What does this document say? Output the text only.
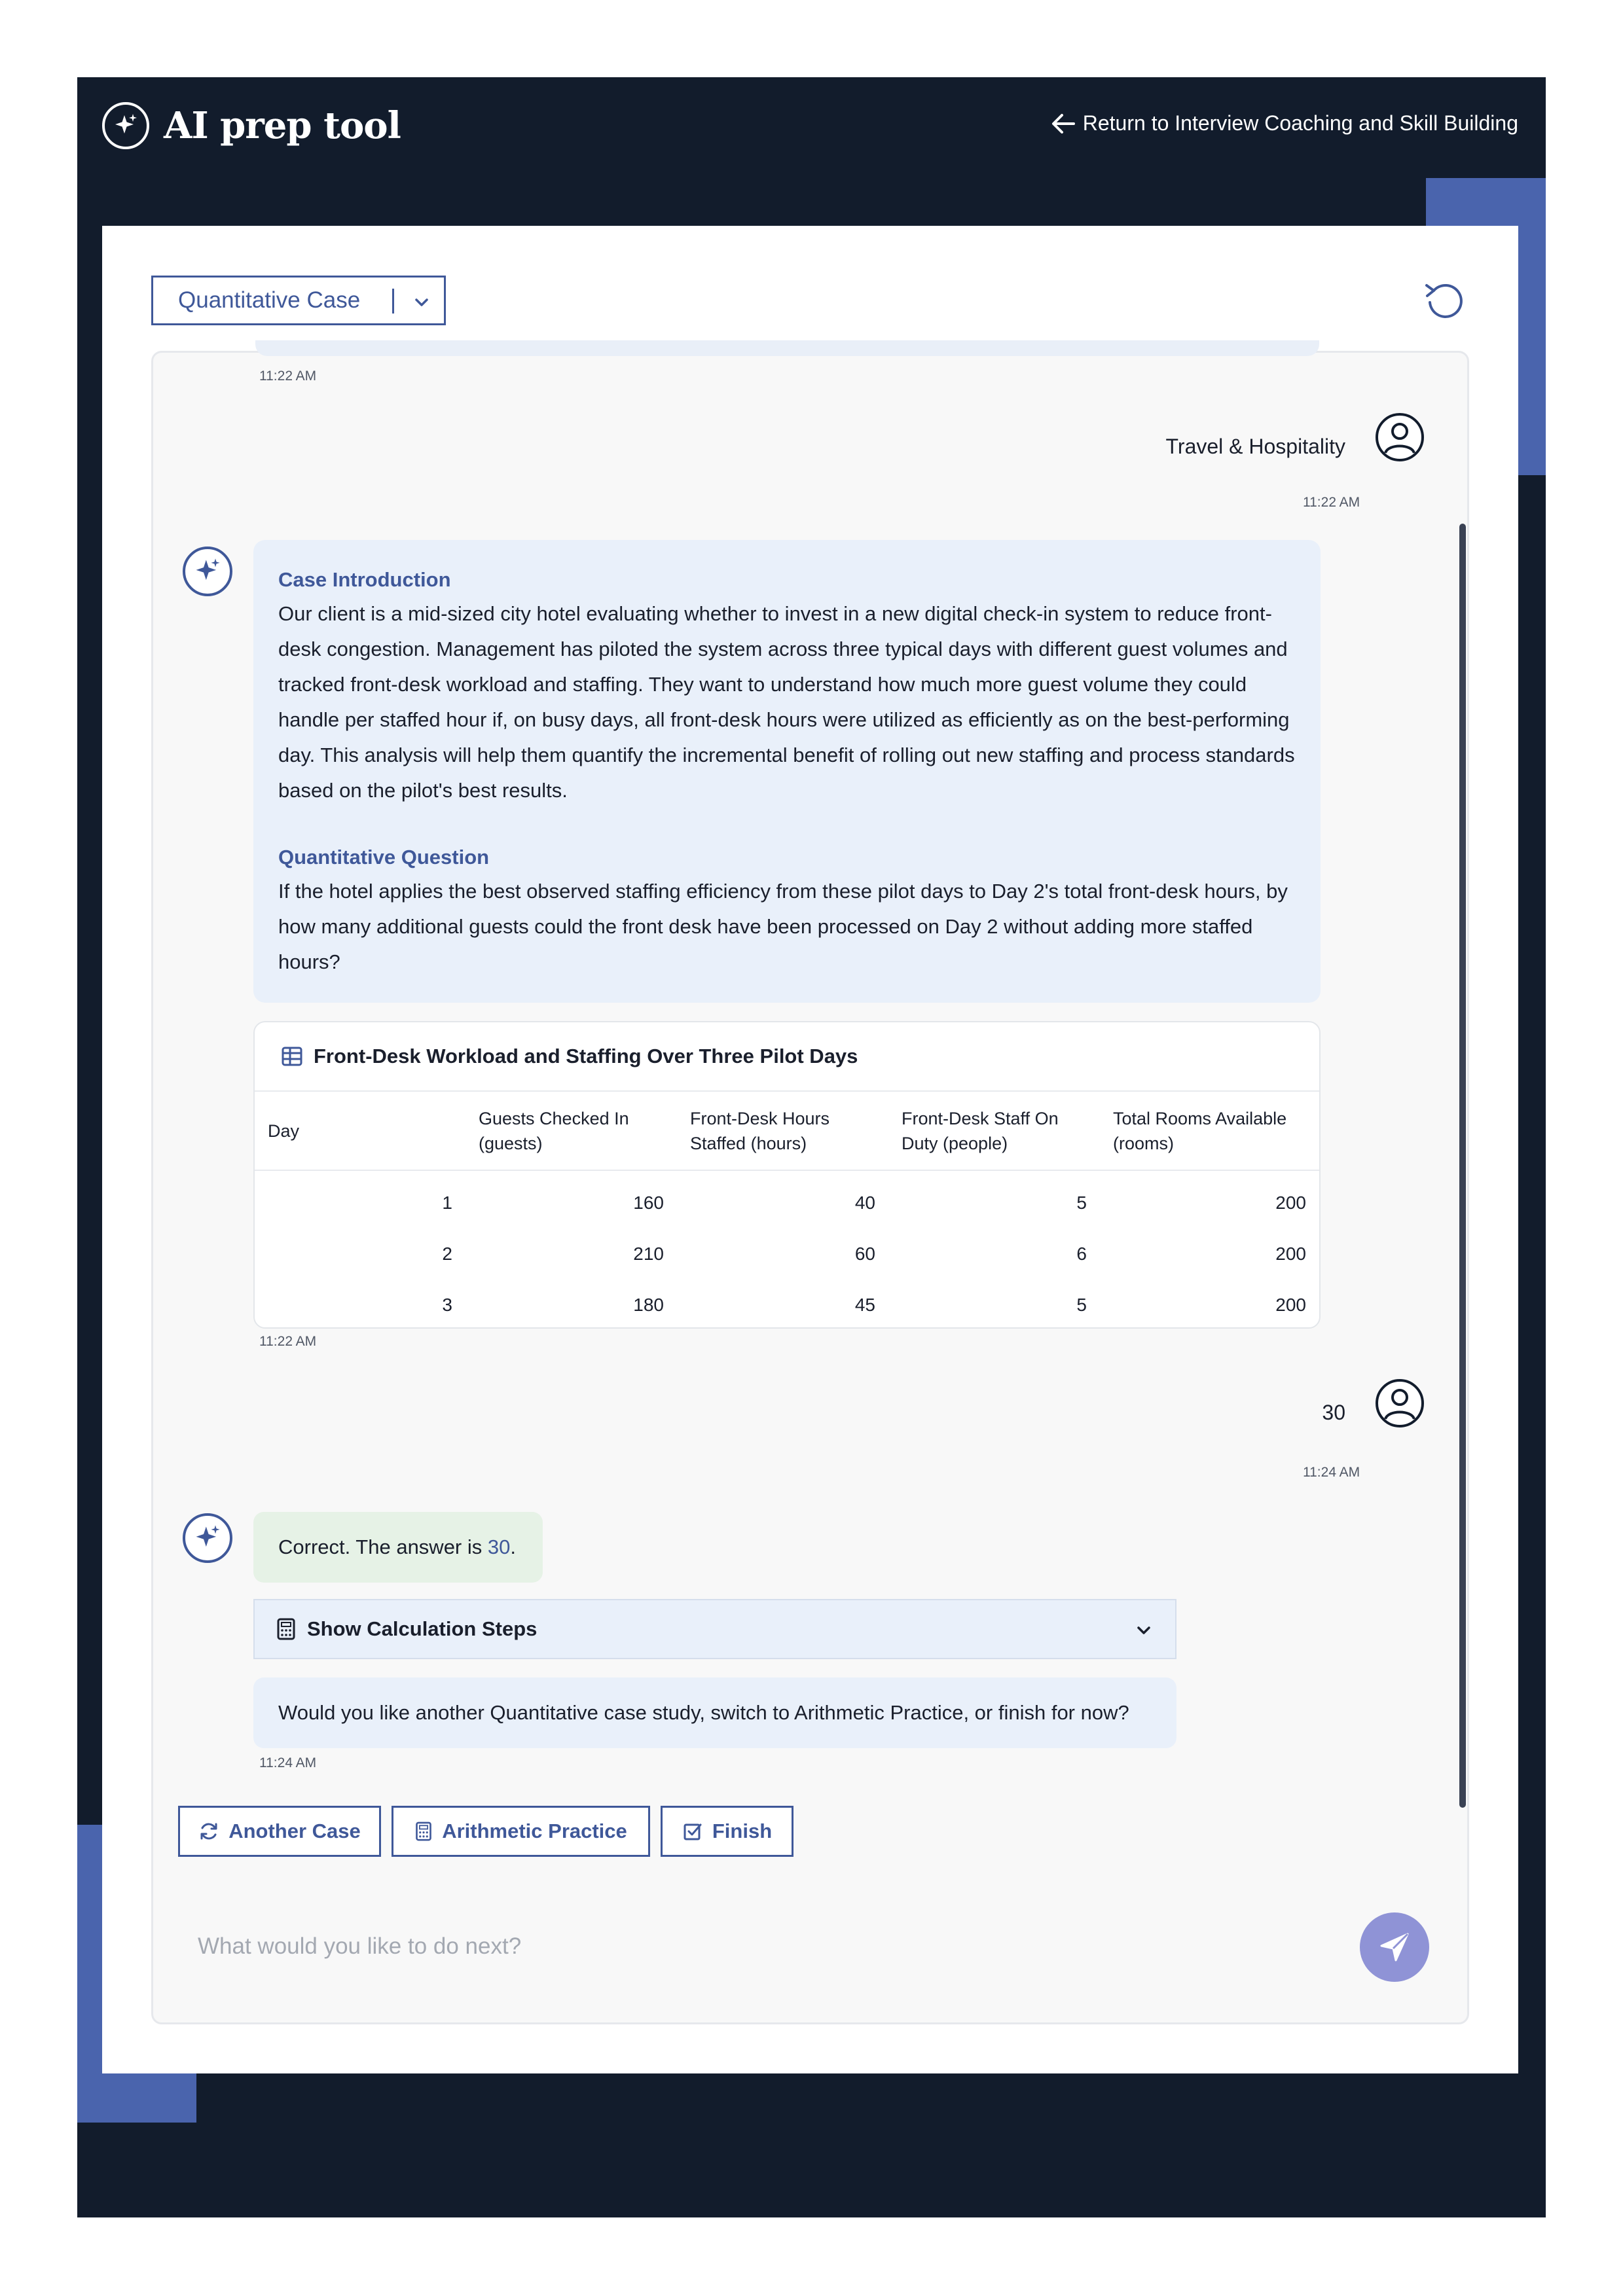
AI prep tool	Return to Interview Coaching and Skill Building
Quantitative Case
11:22 AM
Travel & Hospitality
11:22 AM
Case Introduction
Our client is a mid-sized city hotel evaluating whether to invest in a new digital check-in system to reduce front-desk congestion. Management has piloted the system across three typical days with different guest volumes and tracked front-desk workload and staffing. They want to understand how much more guest volume they could handle per staffed hour if, on busy days, all front-desk hours were utilized as efficiently as on the best-performing day. This analysis will help them quantify the incremental benefit of rolling out new staffing and process standards based on the pilot's best results.
Quantitative Question
If the hotel applies the best observed staffing efficiency from these pilot days to Day 2's total front-desk hours, by how many additional guests could the front desk have been processed on Day 2 without adding more staffed hours?
Front-Desk Workload and Staffing Over Three Pilot Days
Day	Guests Checked In (guests)	Front-Desk Hours Staffed (hours)	Front-Desk Staff On Duty (people)	Total Rooms Available (rooms)
1	160	40	5	200
2	210	60	6	200
3	180	45	5	200
11:22 AM
30
11:24 AM
Correct. The answer is
30 .
Show Calculation Steps
Would you like another Quantitative case study, switch to Arithmetic Practice, or finish for now?
11:24 AM
Another Case	Arithmetic Practice	Finish
What would you like to do next?
